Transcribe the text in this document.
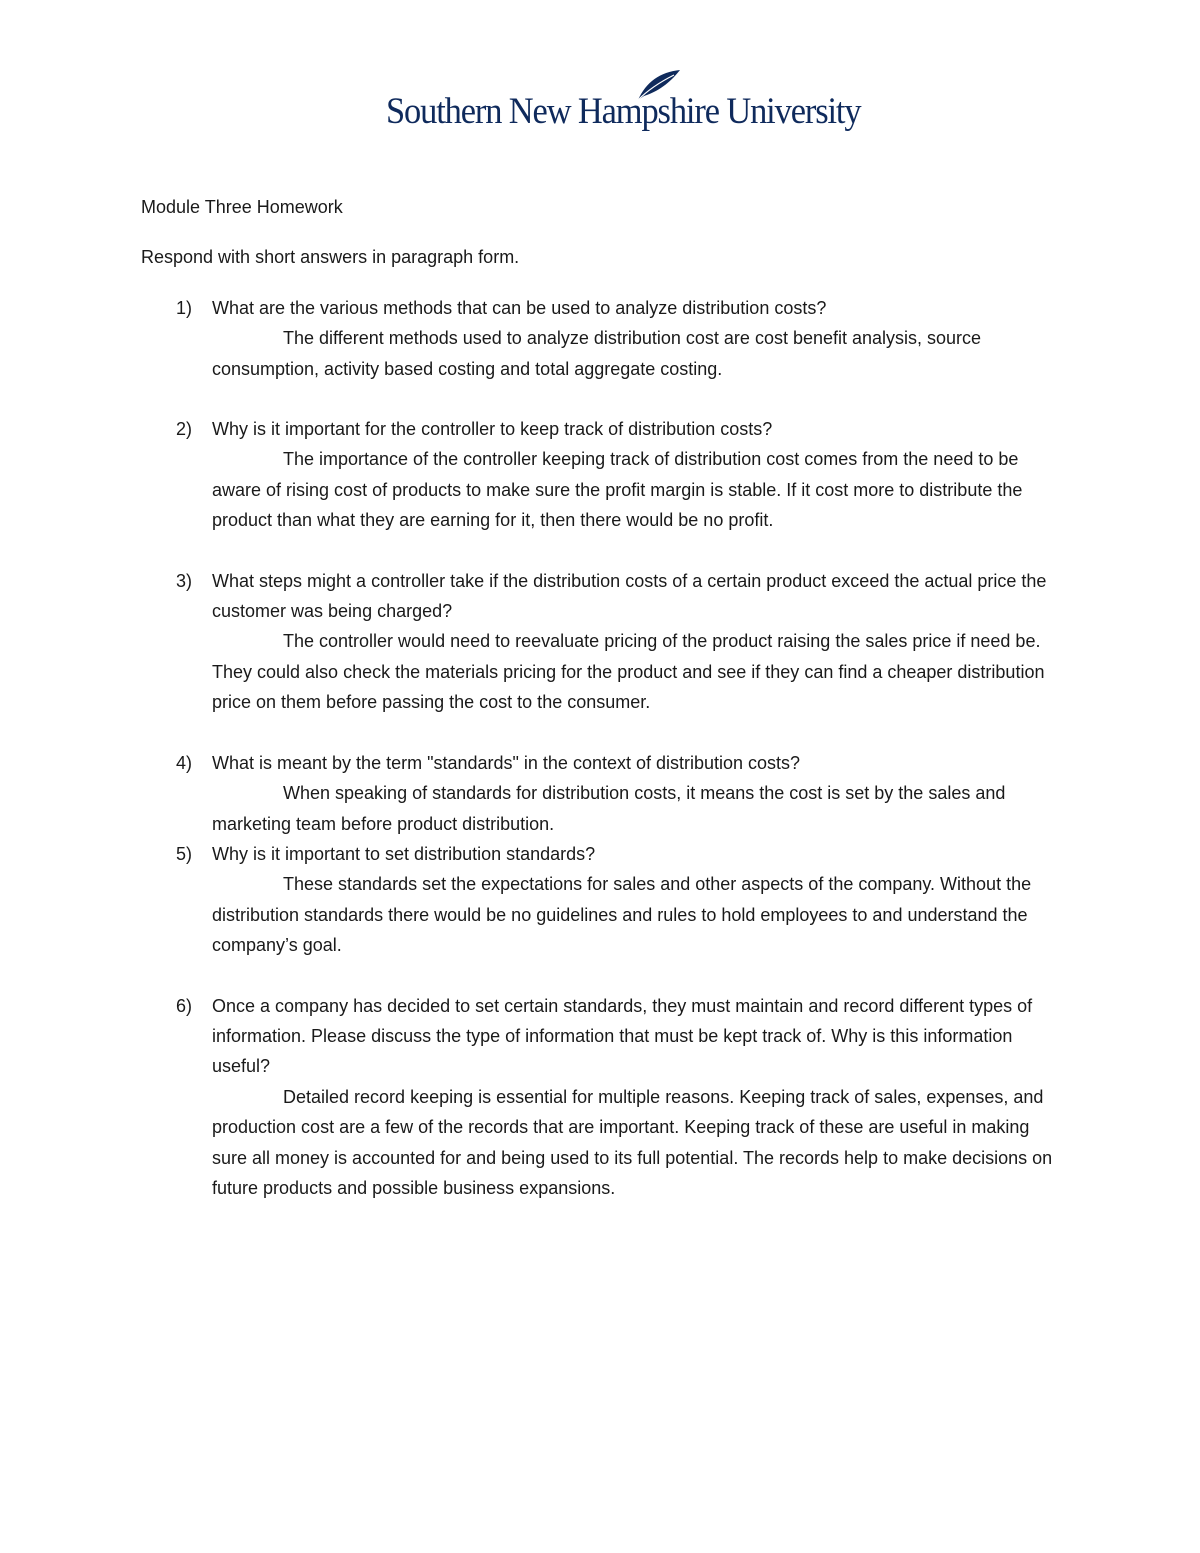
Southern New Hampshire University

Module Three Homework

Respond with short answers in paragraph form.

1) What are the various methods that can be used to analyze distribution costs?

The different methods used to analyze distribution cost are cost benefit analysis, source consumption, activity based costing and total aggregate costing.

2) Why is it important for the controller to keep track of distribution costs?

The importance of the controller keeping track of distribution cost comes from the need to be aware of rising cost of products to make sure the profit margin is stable. If it cost more to distribute the product than what they are earning for it, then there would be no profit.

3) What steps might a controller take if the distribution costs of a certain product exceed the actual price the customer was being charged?

The controller would need to reevaluate pricing of the product raising the sales price if need be. They could also check the materials pricing for the product and see if they can find a cheaper distribution price on them before passing the cost to the consumer.

4) What is meant by the term "standards" in the context of distribution costs?

When speaking of standards for distribution costs, it means the cost is set by the sales and marketing team before product distribution.

5) Why is it important to set distribution standards?

These standards set the expectations for sales and other aspects of the company. Without the distribution standards there would be no guidelines and rules to hold employees to and understand the company’s goal.

6) Once a company has decided to set certain standards, they must maintain and record different types of information. Please discuss the type of information that must be kept track of. Why is this information useful?

Detailed record keeping is essential for multiple reasons. Keeping track of sales, expenses, and production cost are a few of the records that are important. Keeping track of these are useful in making sure all money is accounted for and being used to its full potential. The records help to make decisions on future products and possible business expansions.
